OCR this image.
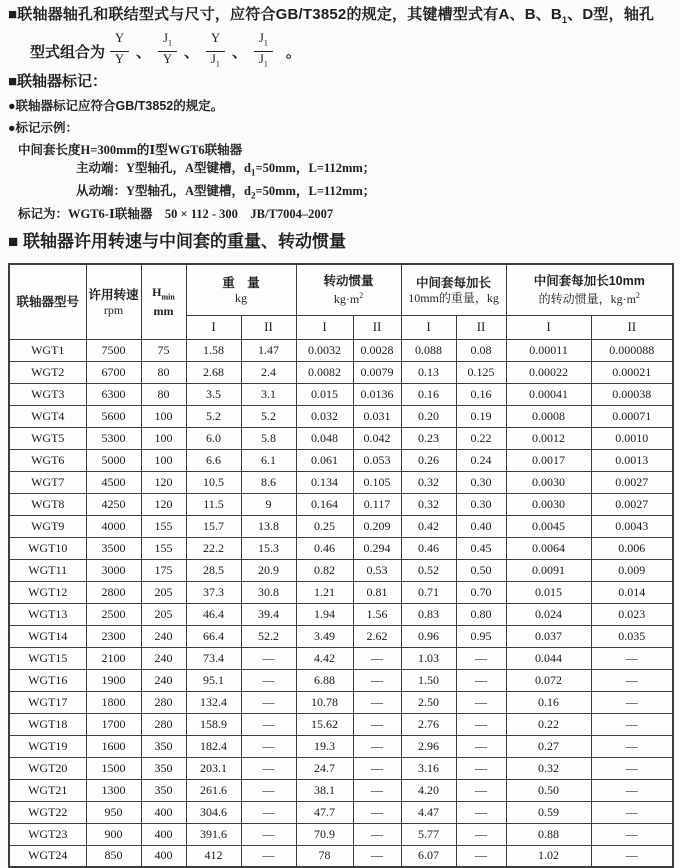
■联轴器轴孔和联结型式与尺寸，应符合GB/T3852的规定，其键槽型式有A、B、$B_1$、D型，轴孔
型式组合为 $\frac{Y}{Y}$ 、 $\frac{J_1}{Y}$ 、 $\frac{Y}{J_1}$ 、 $\frac{J_1}{J_1}$ 。
■联轴器标记：
●联轴器标记应符合GB/T3852的规定。
●标记示例：
中间套长度H=300mm的Ⅰ型WGT6联轴器
主动端：Y型轴孔，A型键槽，$d_1=50mm$，L=112mm；
从动端：Y型轴孔，A型键槽，$d_2=50mm$，L=112mm；
标记为：WGT6-Ⅰ联轴器    50 × 112 - 300    JB/T7004–2007
■ 联轴器许用转速与中间套的重量、转动惯量
联轴器型号	许用转速
rpm

$H_{min}$
mm

重　量
kg

转动惯量
$kg\cdot m^2$

中间套每加长
10mm的重量，kg

中间套每加长10mm
的转动惯量，$kg\cdot m^2$

			I	II	I	II	I	II	I	II
WGT1	7500	75	1.58	1.47	0.0032	0.0028	0.088	0.08	0.00011	0.000088
WGT2	6700	80	2.68	2.4	0.0082	0.0079	0.13	0.125	0.00022	0.00021
WGT3	6300	80	3.5	3.1	0.015	0.0136	0.16	0.16	0.00041	0.00038
WGT4	5600	100	5.2	5.2	0.032	0.031	0.20	0.19	0.0008	0.00071
WGT5	5300	100	6.0	5.8	0.048	0.042	0.23	0.22	0.0012	0.0010
WGT6	5000	100	6.6	6.1	0.061	0.053	0.26	0.24	0.0017	0.0013
WGT7	4500	120	10.5	8.6	0.134	0.105	0.32	0.30	0.0030	0.0027
WGT8	4250	120	11.5	9	0.164	0.117	0.32	0.30	0.0030	0.0027
WGT9	4000	155	15.7	13.8	0.25	0.209	0.42	0.40	0.0045	0.0043
WGT10	3500	155	22.2	15.3	0.46	0.294	0.46	0.45	0.0064	0.006
WGT11	3000	175	28.5	20.9	0.82	0.53	0.52	0.50	0.0091	0.009
WGT12	2800	205	37.3	30.8	1.21	0.81	0.71	0.70	0.015	0.014
WGT13	2500	205	46.4	39.4	1.94	1.56	0.83	0.80	0.024	0.023
WGT14	2300	240	66.4	52.2	3.49	2.62	0.96	0.95	0.037	0.035
WGT15	2100	240	73.4	—	4.42	—	1.03	—	0.044	—
WGT16	1900	240	95.1	—	6.88	—	1.50	—	0.072	—
WGT17	1800	280	132.4	—	10.78	—	2.50	—	0.16	—
WGT18	1700	280	158.9	—	15.62	—	2.76	—	0.22	—
WGT19	1600	350	182.4	—	19.3	—	2.96	—	0.27	—
WGT20	1500	350	203.1	—	24.7	—	3.16	—	0.32	—
WGT21	1300	350	261.6	—	38.1	—	4.20	—	0.50	—
WGT22	950	400	304.6	—	47.7	—	4.47	—	0.59	—
WGT23	900	400	391.6	—	70.9	—	5.77	—	0.88	—
WGT24	850	400	412	—	78	—	6.07	—	1.02	—
